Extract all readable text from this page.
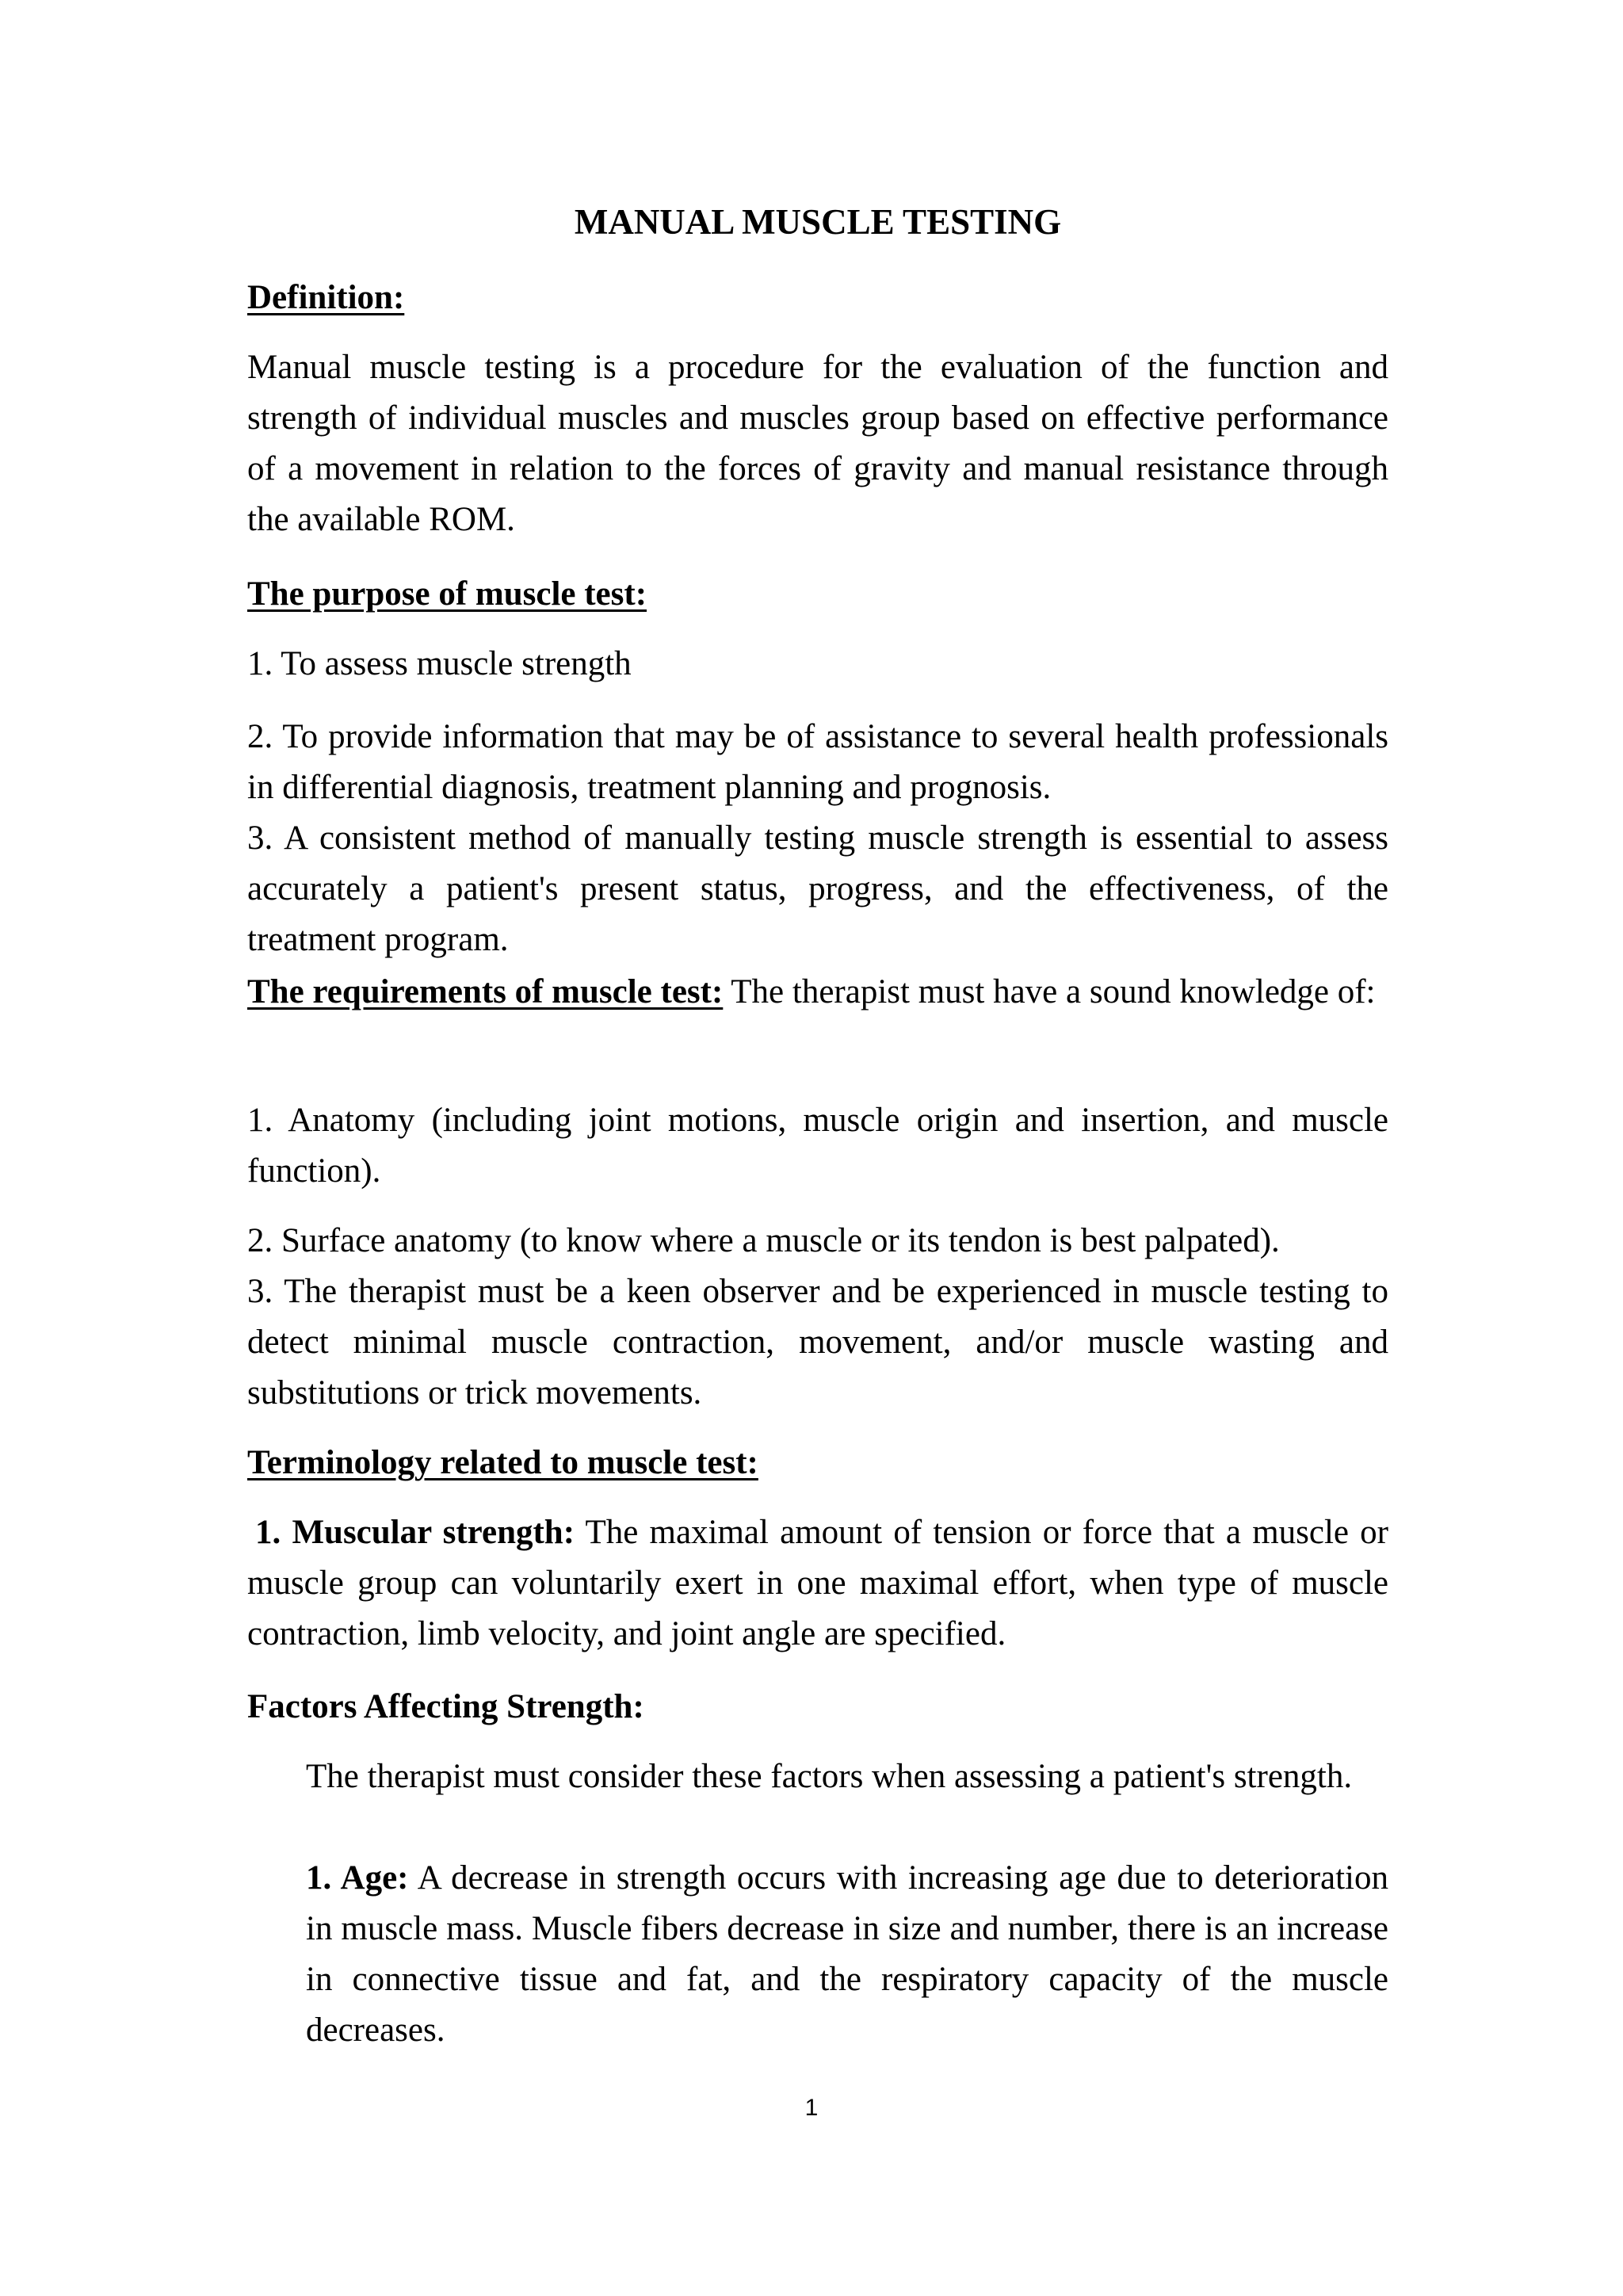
MANUAL MUSCLE TESTING
Definition:
Manual muscle testing is a procedure for the evaluation of the function and strength of individual muscles and muscles group based on effective performance of a movement in relation to the forces of gravity and manual resistance through the available ROM.
The purpose of muscle test:
1. To assess muscle strength
2. To provide information that may be of assistance to several health professionals in differential diagnosis, treatment planning and prognosis.
3. A consistent method of manually testing muscle strength is essential to assess accurately a patient's present status, progress, and the effectiveness, of the treatment program.
The requirements of muscle test: The therapist must have a sound knowledge of:
1. Anatomy (including joint motions, muscle origin and insertion, and muscle function).
2. Surface anatomy (to know where a muscle or its tendon is best palpated).
3. The therapist must be a keen observer and be experienced in muscle testing to detect minimal muscle contraction, movement, and/or muscle wasting and substitutions or trick movements.
Terminology related to muscle test:
1. Muscular strength: The maximal amount of tension or force that a muscle or muscle group can voluntarily exert in one maximal effort, when type of muscle contraction, limb velocity, and joint angle are specified.
Factors Affecting Strength:
The therapist must consider these factors when assessing a patient's strength.
1. Age: A decrease in strength occurs with increasing age due to deterioration in muscle mass. Muscle fibers decrease in size and number, there is an increase in connective tissue and fat, and the respiratory capacity of the muscle decreases.
1
